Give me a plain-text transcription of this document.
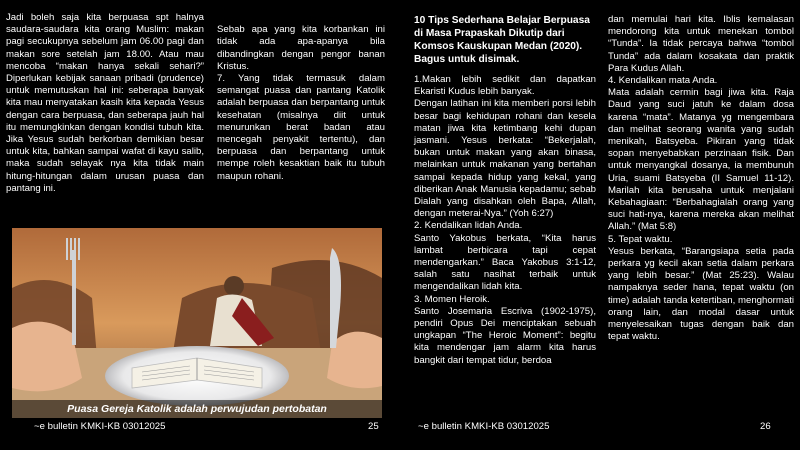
Jadi boleh saja kita berpuasa spt halnya saudara-saudara kita orang Muslim: makan pagi secukupnya sebelum jam 06.00 pagi dan makan sore setelah jam 18.00. Atau mau mencoba “makan hanya sekali sehari?” Diperlukan kebijak sanaan pribadi (prudence) untuk memutuskan hal ini: seberapa banyak kita mau menyatakan kasih kita kepada Yesus dengan cara berpuasa, dan seberapa jauh hal itu memungkinkan dengan kondisi tubuh kita. Jika Yesus sudah berkorban demikian besar untuk kita, bahkan sampai wafat di kayu salib, maka sudah selayak nya kita tidak main hitung-hitungan dalam urusan puasa dan pantang ini.

Sebab apa yang kita korbankan ini tidak ada apa-apanya bila dibandingkan dengan pengor banan Kristus.
7. Yang tidak termasuk dalam semangat puasa dan pantang Katolik adalah berpuasa dan berpantang untuk kesehatan (misalnya diit untuk menurunkan berat badan atau mencegah penyakit tertentu), dan berpuasa dan berpantang untuk mempe roleh kesaktian baik itu tubuh maupun rohani.

Puasa Gereja Katolik adalah perwujudan pertobatan
~e bulletin KMKI-KB 03012025	25

10 Tips Sederhana Belajar Berpuasa di Masa Prapaskah Dikutip dari Komsos Kauskupan Medan (2020). Bagus untuk disimak.

1.Makan lebih sedikit dan dapatkan Ekaristi Kudus lebih banyak.
Dengan latihan ini kita memberi porsi lebih besar bagi kehidupan rohani dan kesela matan jiwa kita ketimbang kehi dupan jasmani. Yesus berkata: “Bekerjalah, bukan untuk makan yang akan binasa, melainkan untuk makanan yang bertahan sampai kepada hidup yang kekal, yang diberikan Anak Manusia kepadamu; sebab Dialah yang disahkan oleh Bapa, Allah, dengan meterai-Nya.” (Yoh 6:27)
2. Kendalikan lidah Anda.
Santo Yakobus berkata, “Kita harus lambat berbicara tapi cepat mendengarkan.” Baca Yakobus 3:1-12, salah satu nasihat terbaik untuk mengendalikan lidah kita.
3. Momen Heroik.
Santo Josemaria Escriva (1902-1975), pendiri Opus Dei menciptakan sebuah ungkapan “The Heroic Moment”: begitu kita mendengar jam alarm kita harus bangkit dari tempat tidur, berdoa

dan memulai hari kita. Iblis kemalasan mendorong kita untuk menekan tombol “Tunda”. Ia tidak percaya bahwa “tombol Tunda” ada dalam kosakata dan praktik Para Kudus Allah.
4. Kendalikan mata Anda.
Mata adalah cermin bagi jiwa kita. Raja Daud yang suci jatuh ke dalam dosa karena “mata”. Matanya yg mengembara dan melihat seorang wanita yang sudah menikah, Batsyeba. Pikiran yang tidak sopan menyebabkan perzinaan fisik. Dan untuk menyangkal dosanya, ia membunuh Uria, suami Batsyeba (II Samuel 11-12). Marilah kita berusaha untuk menjalani Kebahagiaan: “Berbahagialah orang yang suci hati-nya, karena mereka akan melihat Allah.” (Mat 5:8)
5. Tepat waktu.
Yesus berkata, “Barangsiapa setia pada perkara yg kecil akan setia dalam perkara yang lebih besar.” (Mat 25:23). Walau nampaknya seder hana, tepat waktu (on time) adalah tanda ketertiban, menghormati orang lain, dan modal dasar untuk menyelesaikan tugas dengan baik dan tepat waktu.

~e bulletin KMKI-KB 03012025	26
